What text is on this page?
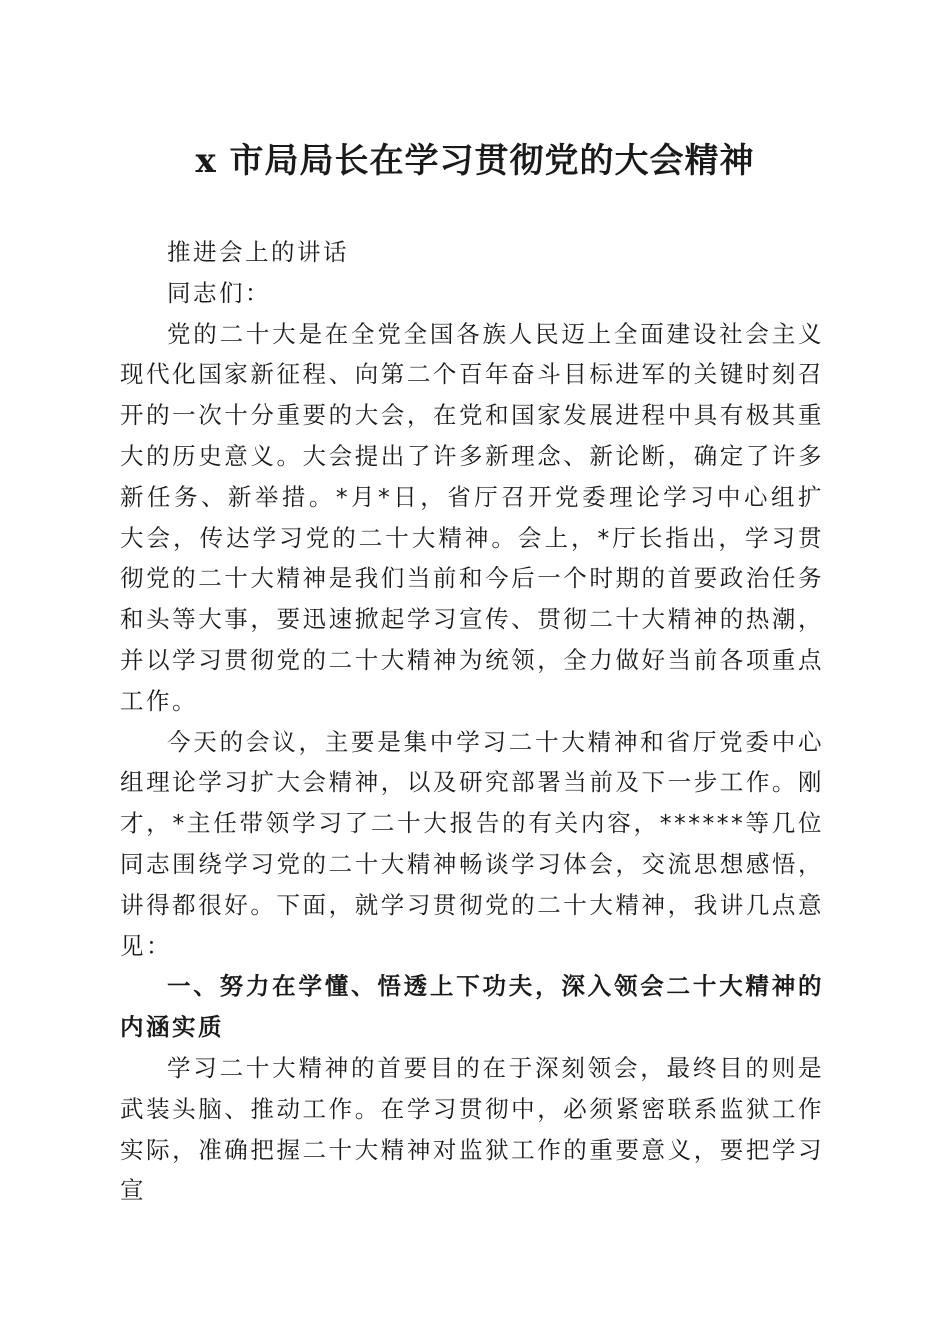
x 市局局长在学习贯彻党的大会精神

推进会上的讲话

同志们：

党的二十大是在全党全国各族人民迈上全面建设社会主义现代化国家新征程、向第二个百年奋斗目标进军的关键时刻召开的一次十分重要的大会，在党和国家发展进程中具有极其重大的历史意义。大会提出了许多新理念、新论断，确定了许多新任务、新举措。*月*日，省厅召开党委理论学习中心组扩大会，传达学习党的二十大精神。会上，*厅长指出，学习贯彻党的二十大精神是我们当前和今后一个时期的首要政治任务和头等大事，要迅速掀起学习宣传、贯彻二十大精神的热潮，并以学习贯彻党的二十大精神为统领，全力做好当前各项重点工作。

今天的会议，主要是集中学习二十大精神和省厅党委中心组理论学习扩大会精神，以及研究部署当前及下一步工作。刚才，*主任带领学习了二十大报告的有关内容，******等几位同志围绕学习党的二十大精神畅谈学习体会，交流思想感悟，讲得都很好。下面，就学习贯彻党的二十大精神，我讲几点意见：

一、努力在学懂、悟透上下功夫，深入领会二十大精神的内涵实质

学习二十大精神的首要目的在于深刻领会，最终目的则是武装头脑、推动工作。在学习贯彻中，必须紧密联系监狱工作实际，准确把握二十大精神对监狱工作的重要意义，要把学习宣
